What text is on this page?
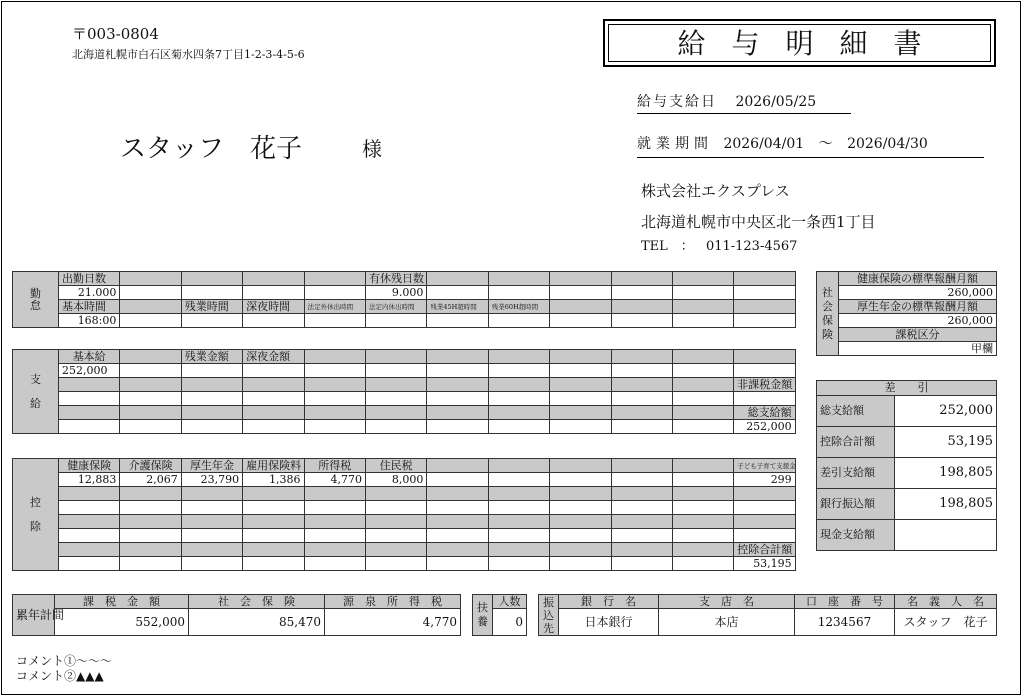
〒003-0804
北海道札幌市白石区菊水四条7丁目1-2-3-4-5-6
スタッフ　花子	様
給与明細書
給与支給日 2026/05/25
就業期間 2026/04/01 〜 2026/04/30
株式会社エクスプレス
北海道札幌市中央区北一条西1丁目
TEL　： 011-123-4567
勤
怠	出勤日数					有休残日数						
	21.000					9.000						
	基本時間		残業時間	深夜時間	法定外休出時間	法定内休出時間	残業45H超時間	残業60H超時間				
	168:00											
支

給	基本給		残業金額	深夜金額								
	252,000											
												非課税金額

												総支給額
												252,000
控

除	健康保険	介護保険	厚生年金	雇用保険料	所得税	住民税						子ども子育て支援金
	12,883	2,067	23,790	1,386	4,770	8,000						299

												控除合計額
												53,195
社
会
保
険	健康保険の標準報酬月額
260,000
厚生年金の標準報酬月額
260,000
課税区分
甲欄
差　　引	
総支給額	252,000
控除合計額	53,195
差引支給額	198,805
銀行振込額	198,805
現金支給額	
累年計間	課　税　金　額	社　会　保　険	源　泉　所　得　税
	552,000	85,470	4,770
扶養	人数
0
振込先	銀　行　名	支　店　名	口　座　番　号	名　義　人　名
	日本銀行	本店	1234567	スタッフ　花子
コメント①〜〜〜
コメント②▲▲▲
